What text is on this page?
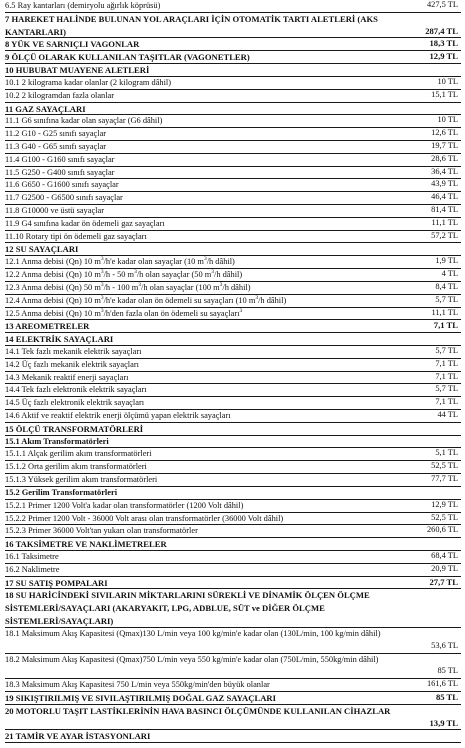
6.5 Ray kantarları (demiryolu ağırlık köprüsü)	427,5 TL
7 HAREKET HALİNDE BULUNAN YOL ARAÇLARI İÇİN OTOMATİK TARTI ALETLERİ (AKS KANTARLARI)	287,4 TL
8 YÜK VE SARNIÇLI VAGONLAR	18,3 TL
9 ÖLÇÜ OLARAK KULLANILAN TAŞITLAR (VAGONETLER)	12,9 TL
10 HUBUBAT MUAYENE ALETLERİ
10.1 2 kilograma kadar olanlar (2 kilogram dâhil)	10 TL
10.2 2 kilogramdan fazla olanlar	15,1 TL
11 GAZ SAYAÇLARI
11.1 G6 sınıfına kadar olan sayaçlar (G6 dâhil)	10 TL
11.2 G10 - G25 sınıfı sayaçlar	12,6 TL
11.3 G40 - G65 sınıfı sayaçlar	19,7 TL
11.4 G100 - G160 sınıfı sayaçlar	28,6 TL
11.5 G250 - G400 sınıfı sayaçlar	36,4 TL
11.6 G650 - G1600 sınıfı sayaçlar	43,9 TL
11.7 G2500 - G6500 sınıfı sayaçlar	46,4 TL
11.8 G10000 ve üstü sayaçlar	81,4 TL
11.9 G4 sınıfına kadar ön ödemeli gaz sayaçları	11,1 TL
11.10 Rotary tipi ön ödemeli gaz sayaçları	57,2 TL
12 SU SAYAÇLARI
12.1 Anma debisi (Qn) 10 $m^3/h'e$ kadar olan sayaçlar (10 $m^3/h$ dâhil)	1,9 TL
12.2 Anma debisi (Qn) 10 $m^3/h - 50$ $m^3/h$ olan sayaçlar (50 $m^3/h$ dâhil)	4 TL
12.3 Anma debisi (Qn) 50 $m^3/h - 100$ $m^3/h$ olan sayaçlar (100 $m^3/h$ dâhil)	8,4 TL
12.4 Anma debisi (Qn) 10 $m^3/h'e$ kadar olan ön ödemeli su sayaçları (10 $m^3/h$ dâhil)	5,7 TL
12.5 Anma debisi (Qn) 10 $m^3/h'den$ fazla olan ön ödemeli su sayaçları$^3$	11,1 TL
13 AREOMETRELER	7,1 TL
14 ELEKTRİK SAYAÇLARI
14.1 Tek fazlı mekanik elektrik sayaçları	5,7 TL
14.2 Üç fazlı mekanik elektrik sayaçları	7,1 TL
14.3 Mekanik reaktif enerji sayaçları	7,1 TL
14.4 Tek fazlı elektronik elektrik sayaçları	5,7 TL
14.5 Üç fazlı elektronik elektrik sayaçları	7,1 TL
14.6 Aktif ve reaktif elektrik enerji ölçümü yapan elektrik sayaçları	44 TL
15 ÖLÇÜ TRANSFORMATÖRLERİ
15.1 Akım Transformatörleri
15.1.1 Alçak gerilim akım transformatörleri	5,1 TL
15.1.2 Orta gerilim akım transformatörleri	52,5 TL
15.1.3 Yüksek gerilim akım transformatörleri	77,7 TL
15.2 Gerilim Transformatörleri
15.2.1 Primer 1200 Volt'a kadar olan transformatörler (1200 Volt dâhil)	12,9 TL
15.2.2 Primer 1200 Volt - 36000 Volt arası olan transformatörler (36000 Volt dâhil)	52,5 TL
15.2.3 Primer 36000 Volt'tan yukarı olan transformatörler	260,6 TL
16 TAKSİMETRE VE NAKLİMETRELER
16.1 Taksimetre	68,4 TL
16.2 Naklimetre	20,9 TL
17 SU SATIŞ POMPALARI	27,7 TL
18 SU HARİCİNDEKİ SIVILARIN MİKTARLARINI SÜREKLİ VE DİNAMİK ÖLÇEN ÖLÇME SİSTEMLERİ/SAYAÇLARI (AKARYAKIT, LPG, ADBLUE, SÜT ve DİĞER ÖLÇME SİSTEMLERİ/SAYAÇLARI)
18.1 Maksimum Akış Kapasitesi (Qmax)130 L/min veya 100 kg/min'e kadar olan (130L/min, 100 kg/min dâhil)
53,6 TL
18.2 Maksimum Akış Kapasitesi (Qmax)750 L/min veya 550 kg/min'e kadar olan (750L/min, 550kg/min dâhil)
85 TL
18.3 Maksimum Akış Kapasitesi 750 L/min veya 550kg/min'den büyük olanlar	161,6 TL
19 SIKIŞTIRILMIŞ VE SIVILAŞTIRILMIŞ DOĞAL GAZ SAYAÇLARI	85 TL
20 MOTORLU TAŞIT LASTİKLERİNİN HAVA BASINCI ÖLÇÜMÜNDE KULLANILAN CİHAZLAR
13,9 TL
21 TAMİR VE AYAR İSTASYONLARI
